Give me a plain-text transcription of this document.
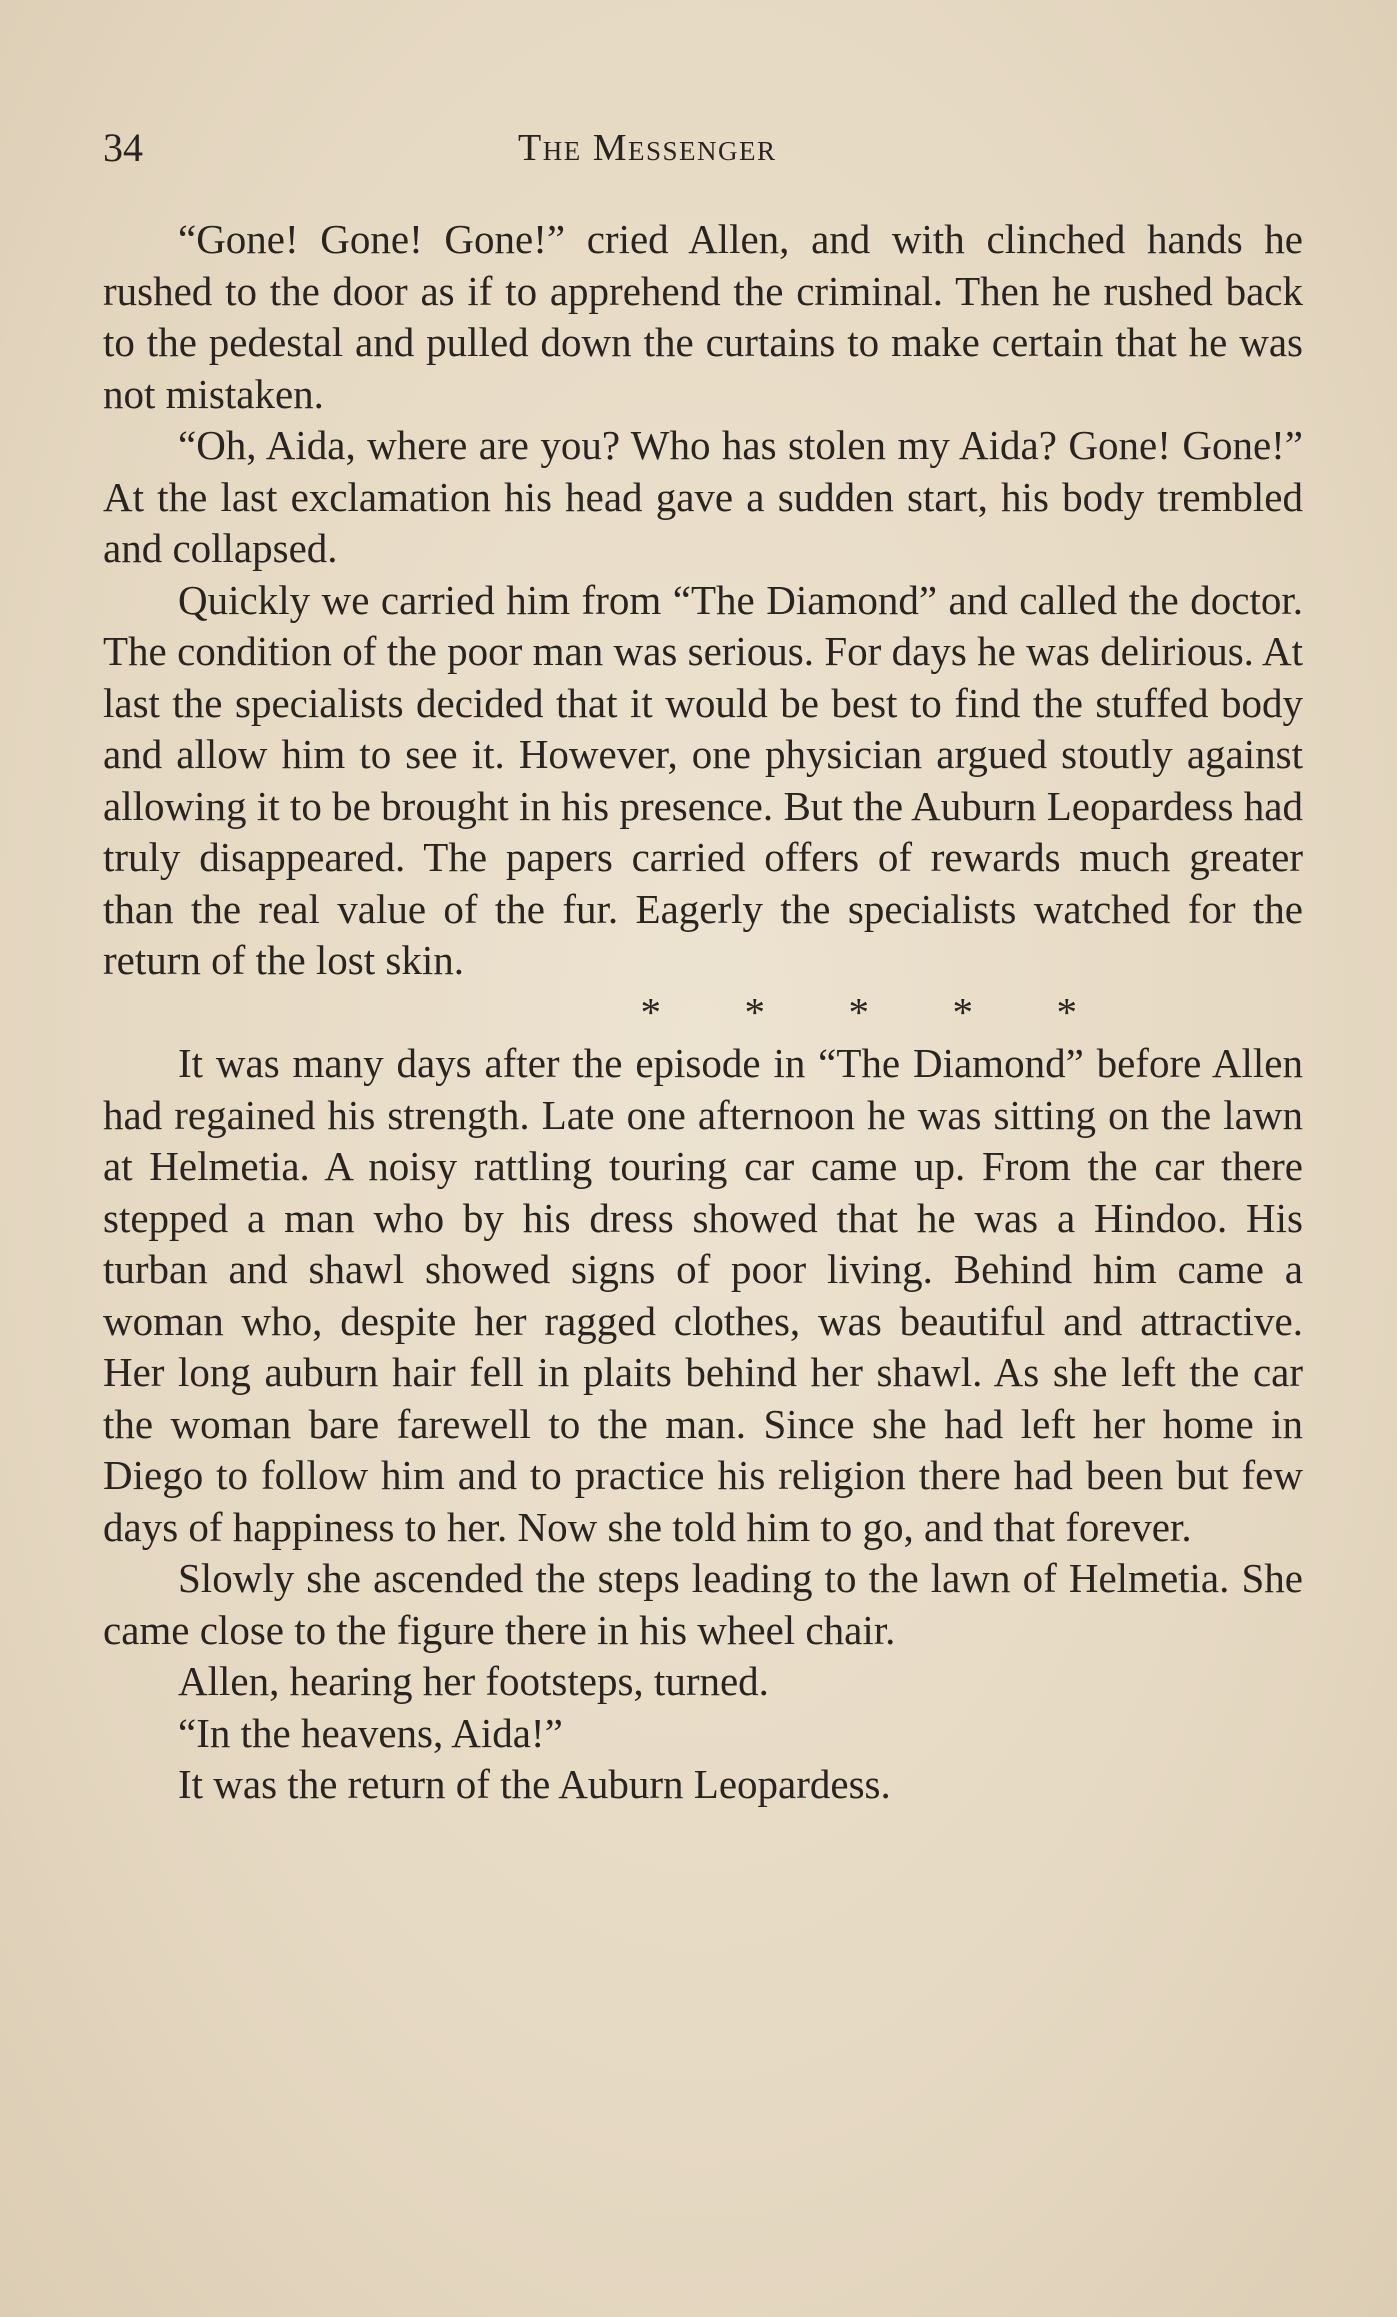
34	The Messenger

“Gone! Gone! Gone!” cried Allen, and with clinched hands he rushed to the door as if to apprehend the criminal. Then he rushed back to the pedestal and pulled down the curtains to make certain that he was not mistaken.

“Oh, Aida, where are you? Who has stolen my Aida? Gone! Gone!” At the last exclamation his head gave a sudden start, his body trembled and collapsed.

Quickly we carried him from “The Diamond” and called the doctor. The condition of the poor man was serious. For days he was delirious. At last the specialists decided that it would be best to find the stuffed body and allow him to see it. However, one physician argued stoutly against allowing it to be brought in his presence. But the Auburn Leopardess had truly disappeared. The papers carried offers of rewards much greater than the real value of the fur. Eagerly the specialists watched for the return of the lost skin.

* * * * *

It was many days after the episode in “The Diamond” before Allen had regained his strength. Late one afternoon he was sitting on the lawn at Helmetia. A noisy rattling touring car came up. From the car there stepped a man who by his dress showed that he was a Hindoo. His turban and shawl showed signs of poor living. Behind him came a woman who, despite her ragged clothes, was beautiful and attractive. Her long auburn hair fell in plaits behind her shawl. As she left the car the woman bare farewell to the man. Since she had left her home in Diego to follow him and to practice his religion there had been but few days of happiness to her. Now she told him to go, and that forever.

Slowly she ascended the steps leading to the lawn of Helmetia. She came close to the figure there in his wheel chair.

Allen, hearing her footsteps, turned.

“In the heavens, Aida!”

It was the return of the Auburn Leopardess.
